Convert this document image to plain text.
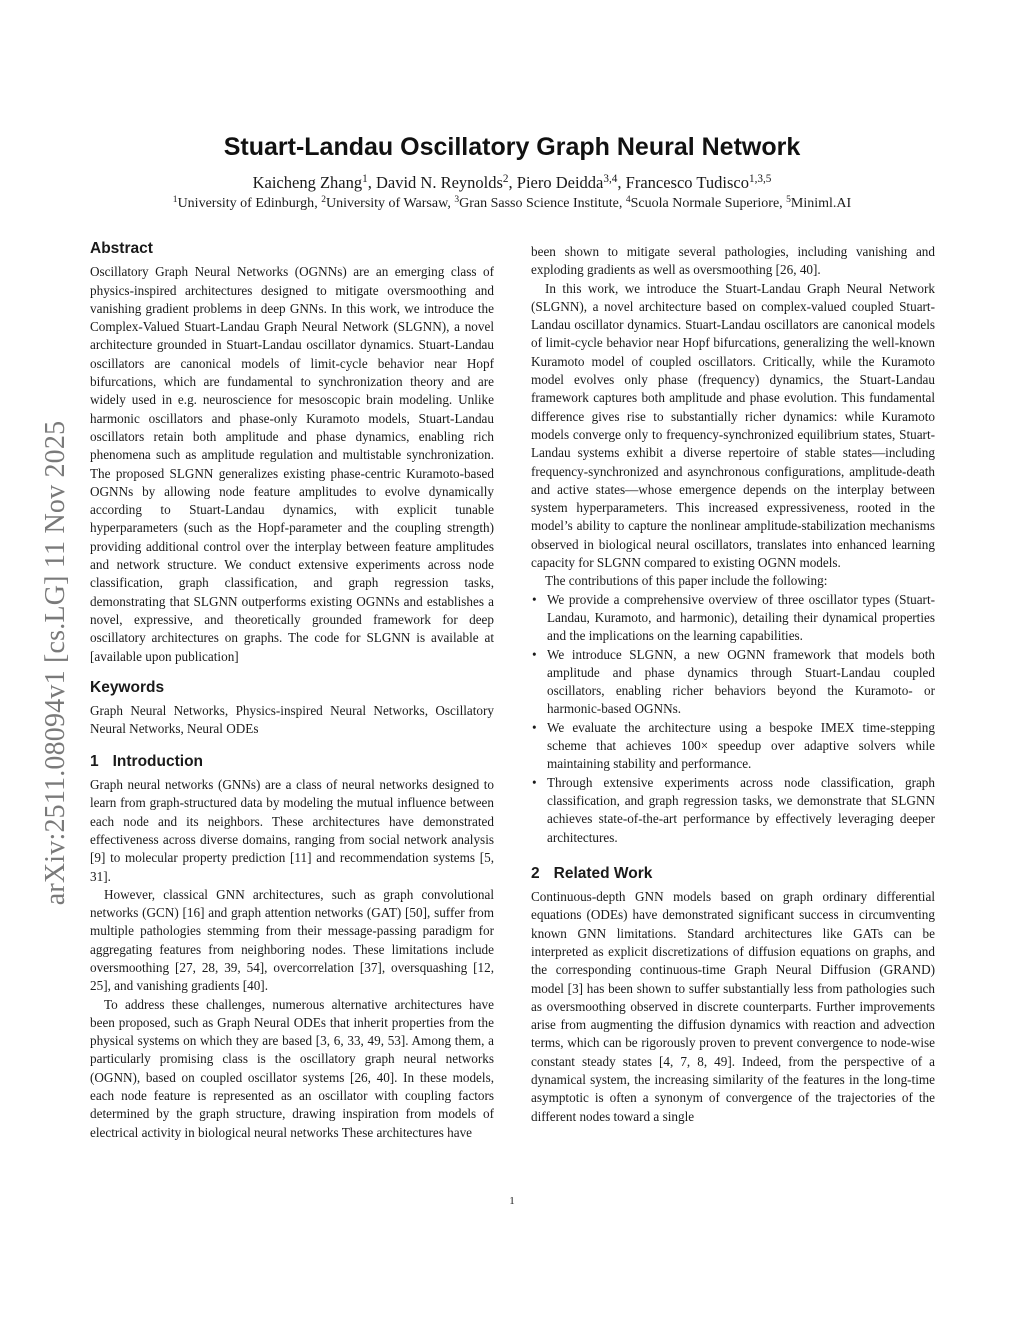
arXiv:2511.08094v1 [cs.LG] 11 Nov 2025
Stuart-Landau Oscillatory Graph Neural Network
Kaicheng Zhang$^1$, David N. Reynolds$^2$, Piero Deidda$^{3,4}$, Francesco Tudisco$^{1,3,5}$
$^1$University of Edinburgh, $^2$University of Warsaw, $^3$Gran Sasso Science Institute, $^4$Scuola Normale Superiore, $^5$Miniml.AI
Abstract

Oscillatory Graph Neural Networks (OGNNs) are an emerging class of physics-inspired architectures designed to mitigate oversmoothing and vanishing gradient problems in deep GNNs. In this work, we introduce the Complex-Valued Stuart-Landau Graph Neural Network (SLGNN), a novel architecture grounded in Stuart-Landau oscillator dynamics. Stuart-Landau oscillators are canonical models of limit-cycle behavior near Hopf bifurcations, which are fundamental to synchronization theory and are widely used in e.g. neuroscience for mesoscopic brain modeling. Unlike harmonic oscillators and phase-only Kuramoto models, Stuart-Landau oscillators retain both amplitude and phase dynamics, enabling rich phenomena such as amplitude regulation and multistable synchronization. The proposed SLGNN generalizes existing phase-centric Kuramoto-based OGNNs by allowing node feature amplitudes to evolve dynamically according to Stuart-Landau dynamics, with explicit tunable hyperparameters (such as the Hopf-parameter and the coupling strength) providing additional control over the interplay between feature amplitudes and network structure. We conduct extensive experiments across node classification, graph classification, and graph regression tasks, demonstrating that SLGNN outperforms existing OGNNs and establishes a novel, expressive, and theoretically grounded framework for deep oscillatory architectures on graphs. The code for SLGNN is available at [available upon publication]

Keywords

Graph Neural Networks, Physics-inspired Neural Networks, Oscillatory Neural Networks, Neural ODEs

1 Introduction

Graph neural networks (GNNs) are a class of neural networks designed to learn from graph-structured data by modeling the mutual influence between each node and its neighbors. These architectures have demonstrated effectiveness across diverse domains, ranging from social network analysis [9] to molecular property prediction [11] and recommendation systems [5, 31].

However, classical GNN architectures, such as graph convolutional networks (GCN) [16] and graph attention networks (GAT) [50], suffer from multiple pathologies stemming from their message-passing paradigm for aggregating features from neighboring nodes. These limitations include oversmoothing [27, 28, 39, 54], overcorrelation [37], oversquashing [12, 25], and vanishing gradients [40].

To address these challenges, numerous alternative architectures have been proposed, such as Graph Neural ODEs that inherit properties from the physical systems on which they are based [3, 6, 33, 49, 53]. Among them, a particularly promising class is the oscillatory graph neural networks (OGNN), based on coupled oscillator systems [26, 40]. In these models, each node feature is represented as an oscillator with coupling factors determined by the graph structure, drawing inspiration from models of electrical activity in biological neural networks These architectures have

been shown to mitigate several pathologies, including vanishing and exploding gradients as well as oversmoothing [26, 40].

In this work, we introduce the Stuart-Landau Graph Neural Network (SLGNN), a novel architecture based on complex-valued coupled Stuart-Landau oscillator dynamics. Stuart-Landau oscillators are canonical models of limit-cycle behavior near Hopf bifurcations, generalizing the well-known Kuramoto model of coupled oscillators. Critically, while the Kuramoto model evolves only phase (frequency) dynamics, the Stuart-Landau framework captures both amplitude and phase evolution. This fundamental difference gives rise to substantially richer dynamics: while Kuramoto models converge only to frequency-synchronized equilibrium states, Stuart-Landau systems exhibit a diverse repertoire of stable states—including frequency-synchronized and asynchronous configurations, amplitude-death and active states—whose emergence depends on the interplay between system hyperparameters. This increased expressiveness, rooted in the model’s ability to capture the nonlinear amplitude-stabilization mechanisms observed in biological neural oscillators, translates into enhanced learning capacity for SLGNN compared to existing OGNN models.

The contributions of this paper include the following:

• We provide a comprehensive overview of three oscillator types (Stuart-Landau, Kuramoto, and harmonic), detailing their dynamical properties and the implications on the learning capabilities.
• We introduce SLGNN, a new OGNN framework that models both amplitude and phase dynamics through Stuart-Landau coupled oscillators, enabling richer behaviors beyond the Kuramoto- or harmonic-based OGNNs.
• We evaluate the architecture using a bespoke IMEX time-stepping scheme that achieves 100× speedup over adaptive solvers while maintaining stability and performance.
• Through extensive experiments across node classification, graph classification, and graph regression tasks, we demonstrate that SLGNN achieves state-of-the-art performance by effectively leveraging deeper architectures.
2 Related Work

Continuous-depth GNN models based on graph ordinary differential equations (ODEs) have demonstrated significant success in circumventing known GNN limitations. Standard architectures like GATs can be interpreted as explicit discretizations of diffusion equations on graphs, and the corresponding continuous-time Graph Neural Diffusion (GRAND) model [3] has been shown to suffer substantially less from pathologies such as oversmoothing observed in discrete counterparts. Further improvements arise from augmenting the diffusion dynamics with reaction and advection terms, which can be rigorously proven to prevent convergence to node-wise constant steady states [4, 7, 8, 49]. Indeed, from the perspective of a dynamical system, the increasing similarity of the features in the long-time asymptotic is often a synonym of convergence of the trajectories of the different nodes toward a single

1
